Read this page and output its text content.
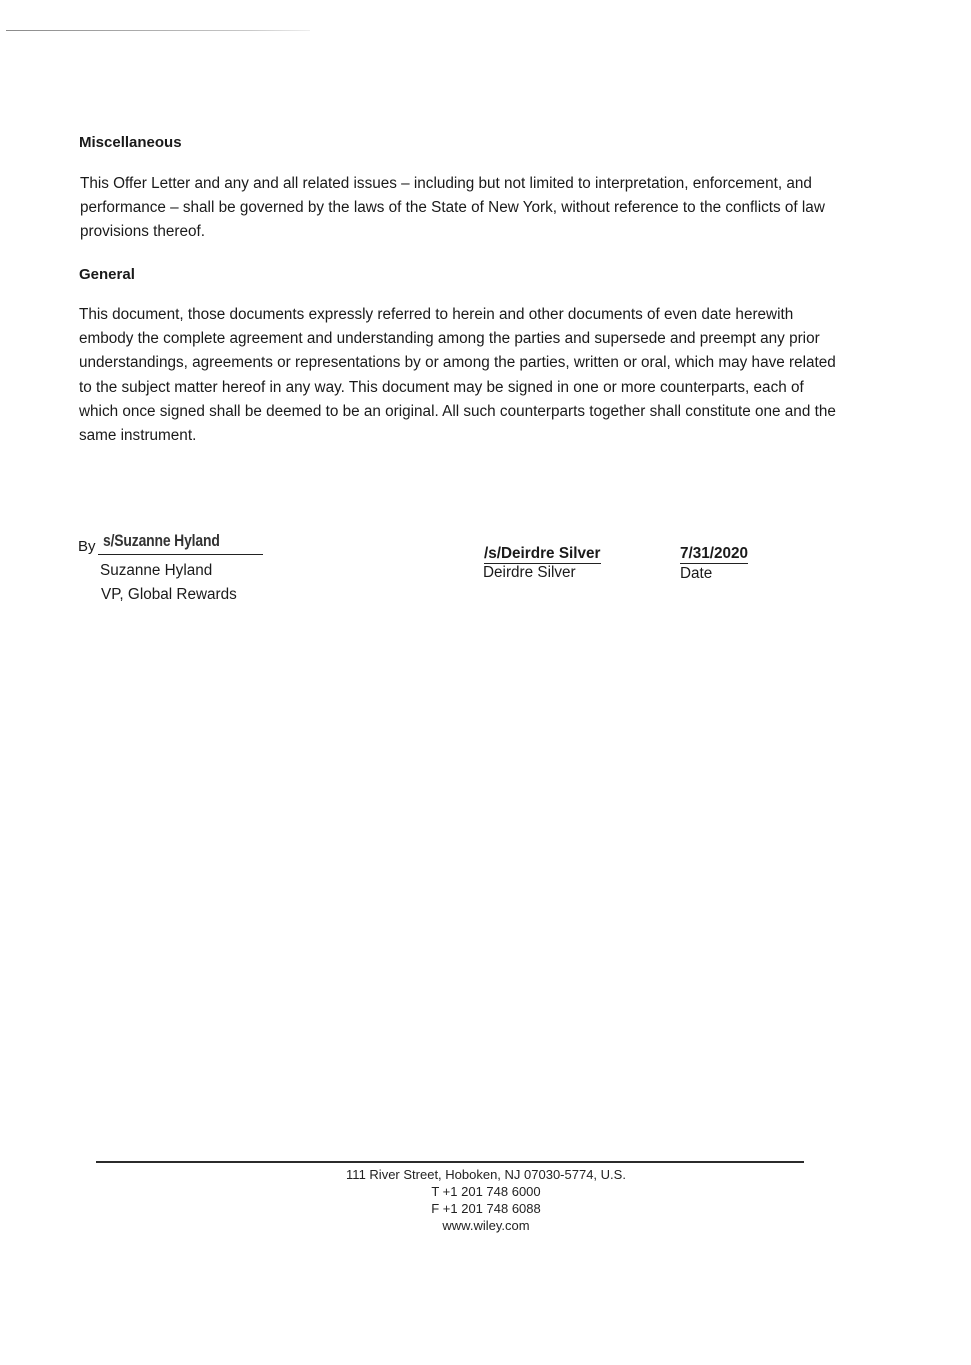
Miscellaneous
This Offer Letter and any and all related issues – including but not limited to interpretation, enforcement, and
performance – shall be governed by the laws of the State of New York, without reference to the conflicts of law
provisions thereof.
General
This document, those documents expressly referred to herein and other documents of even date herewith
embody the complete agreement and understanding among the parties and supersede and preempt any prior
understandings, agreements or representations by or among the parties, written or oral, which may have related
to the subject matter hereof in any way. This document may be signed in one or more counterparts, each of
which once signed shall be deemed to be an original. All such counterparts together shall constitute one and the
same instrument.
By s/Suzanne Hyland
Suzanne Hyland
VP, Global Rewards
/s/Deirdre Silver
Deirdre Silver
7/31/2020
Date
111 River Street, Hoboken, NJ 07030-5774, U.S.
T +1 201 748 6000
F +1 201 748 6088
www.wiley.com
